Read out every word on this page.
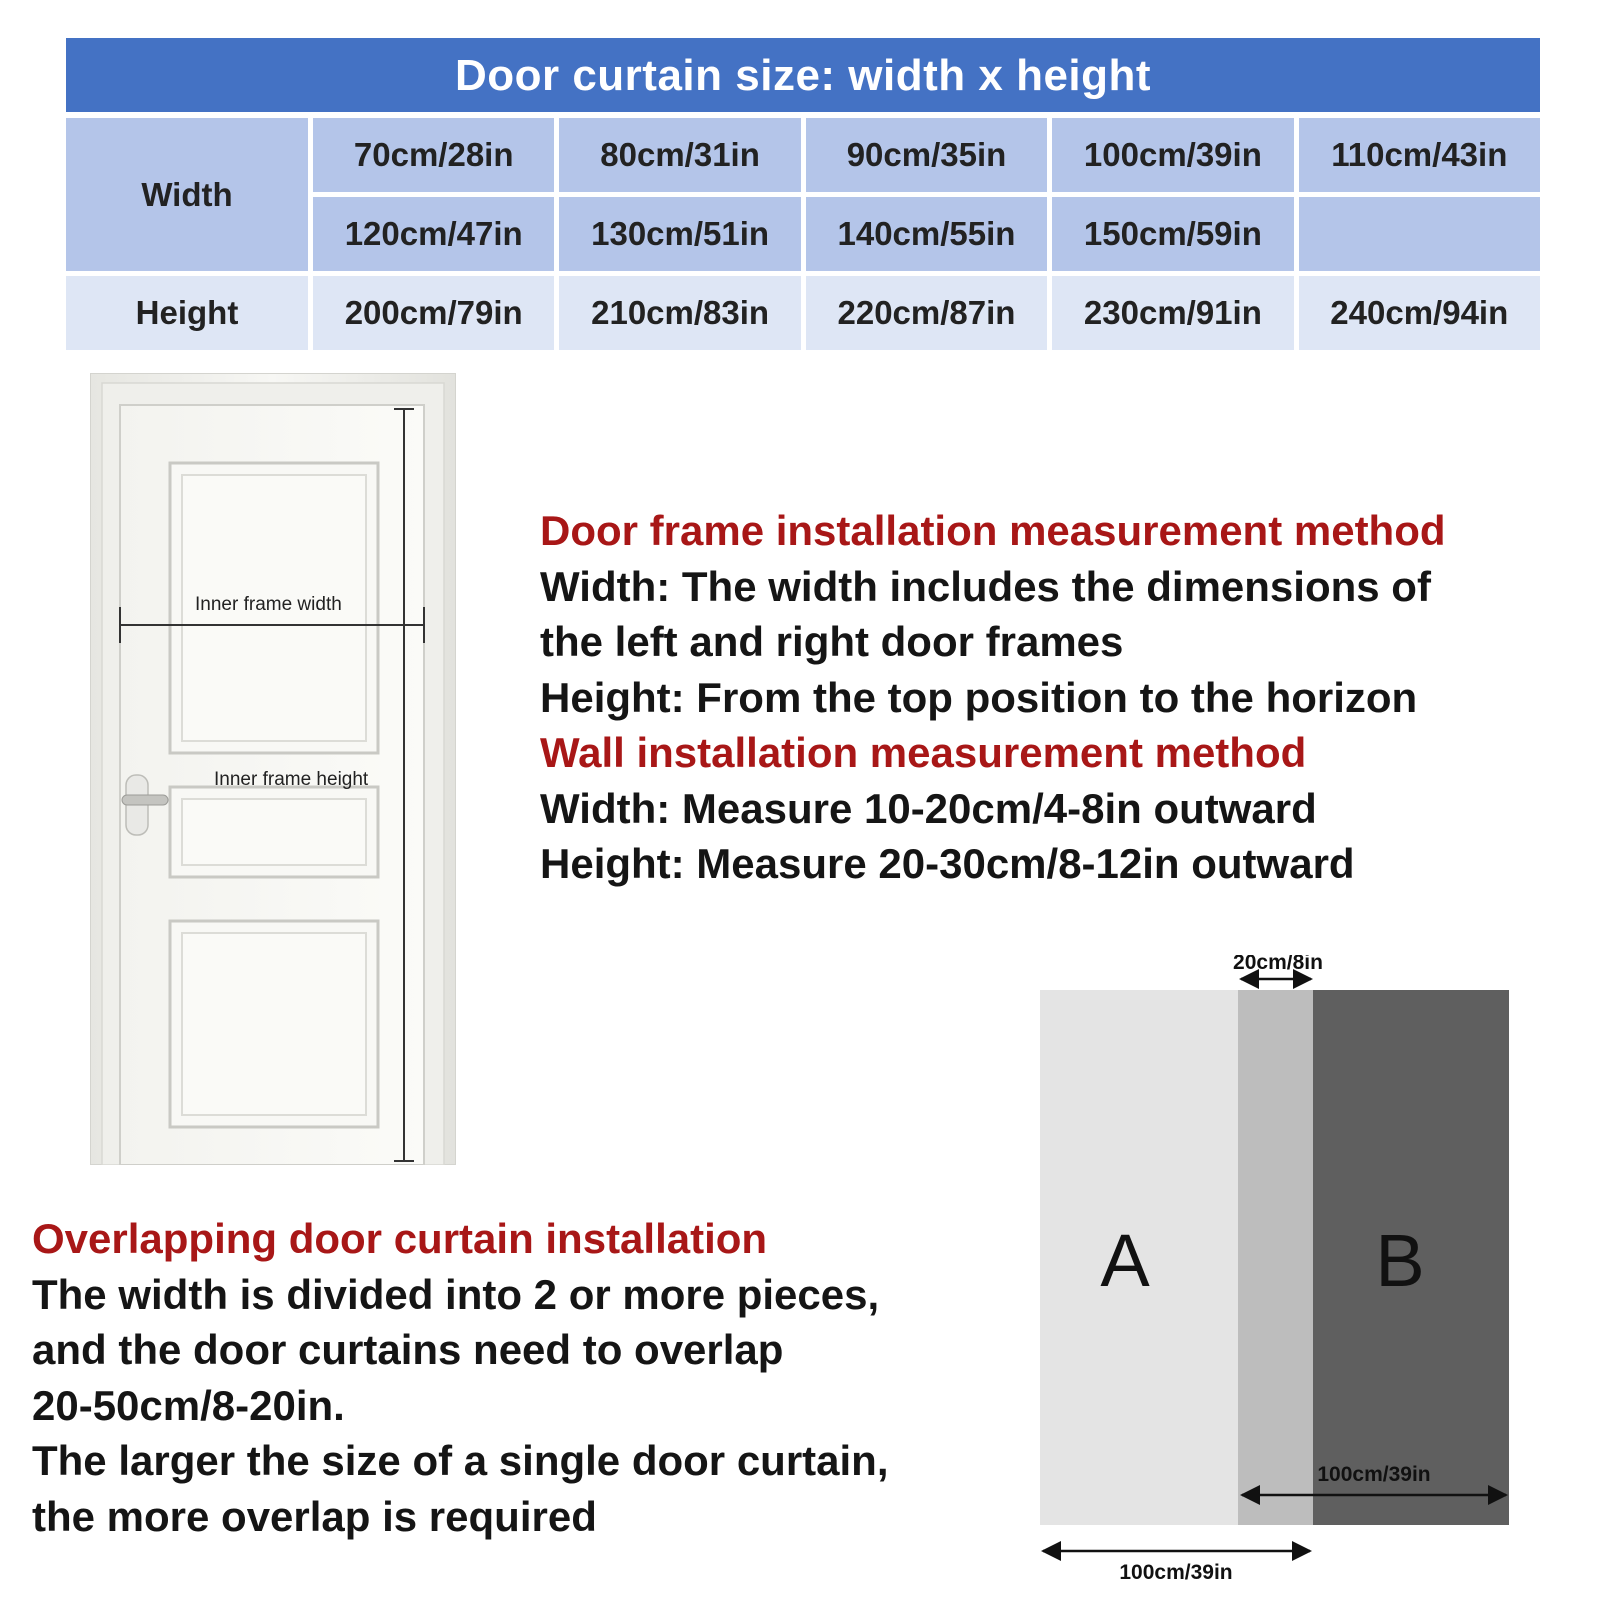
Door curtain size: width x height
Width
70cm/28in	80cm/31in	90cm/35in	100cm/39in	110cm/43in
120cm/47in	130cm/51in	140cm/55in	150cm/59in
Height	200cm/79in	210cm/83in	220cm/87in	230cm/91in	240cm/94in
Inner frame width
Inner frame height
Door frame installation measurement method
Width: The width includes the dimensions of
the left and right door frames
Height: From the top position to the horizon
Wall installation measurement method
Width: Measure 10-20cm/4-8in outward
Height: Measure 20-30cm/8-12in outward
Overlapping door curtain installation
The width is divided into 2 or more pieces,
and the door curtains need to overlap
20-50cm/8-20in.
The larger the size of a single door curtain,
the more overlap is required
20cm/8in
A	B
100cm/39in
100cm/39in
